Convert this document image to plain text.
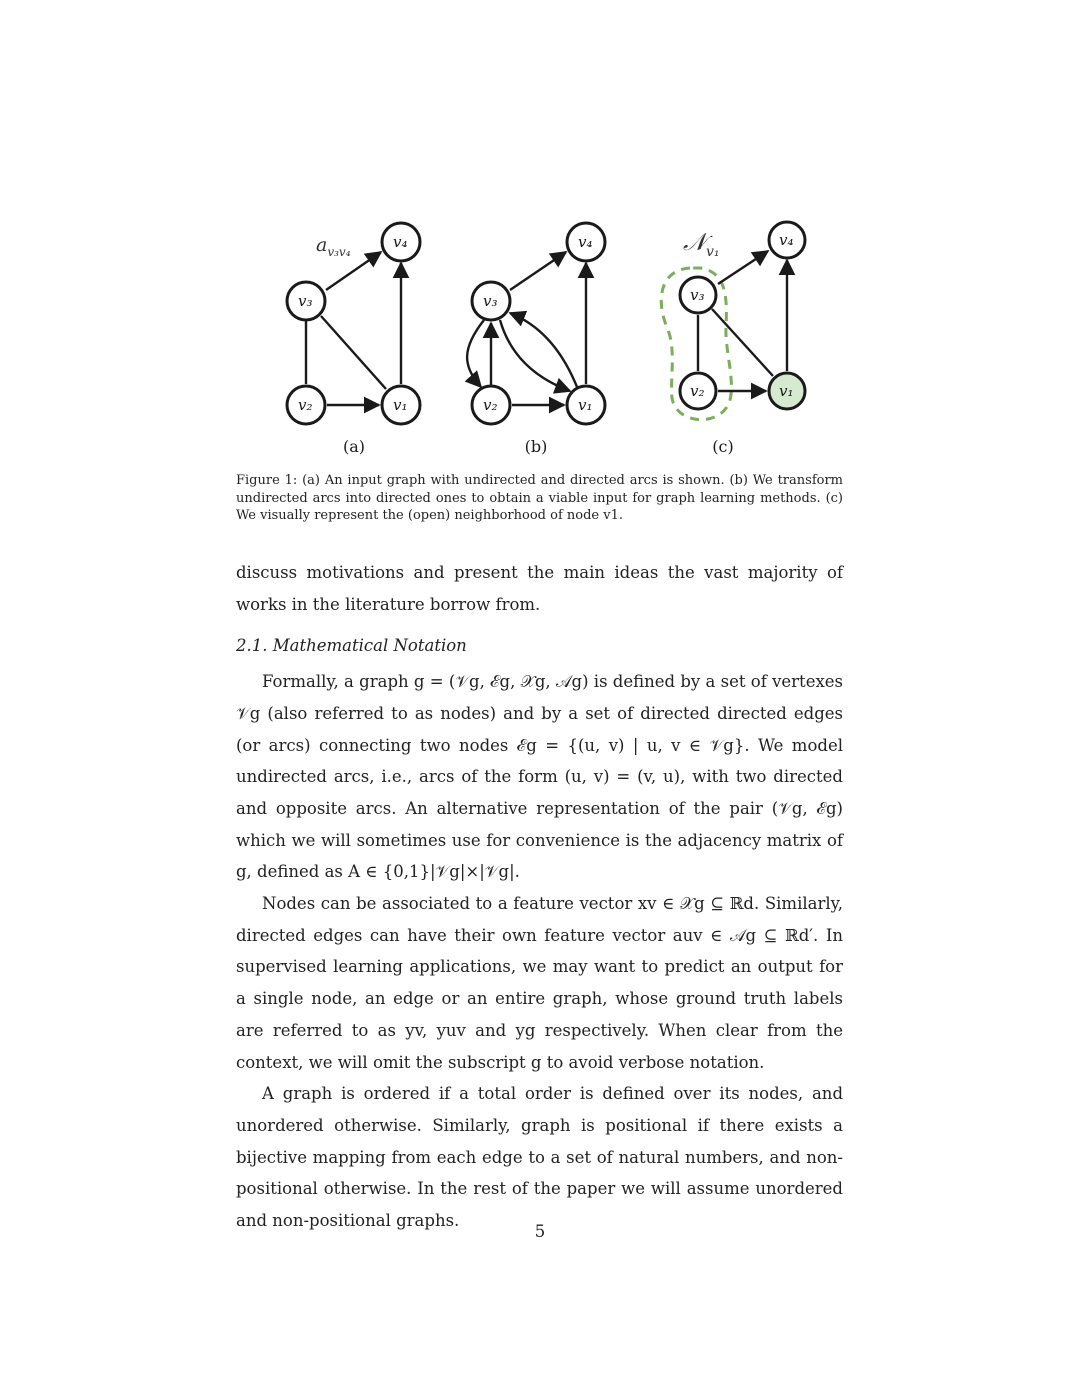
$a_{v_3v_4}$
v₄
v₃
v₂	v₁
(a)
v₄
v₃
v₂	v₁
(b)
𝒩$_{v_1}$
v₄
v₃
v₂	v₁
(c)
Figure 1: (a) An input graph with undirected and directed arcs is shown. (b) We transform undirected arcs into directed ones to obtain a viable input for graph learning methods. (c) We visually represent the (open) neighborhood of node v1.

discuss motivations and present the main ideas the vast majority of works in the literature borrow from.

2.1. Mathematical Notation

Formally, a graph g = (𝒱g, ℰg, 𝒳g, 𝒜g) is defined by a set of vertexes 𝒱g (also referred to as nodes) and by a set of directed directed edges (or arcs) connecting two nodes ℰg = {(u, v) | u, v ∈ 𝒱g}. We model undirected arcs, i.e., arcs of the form (u, v) = (v, u), with two directed and opposite arcs. An alternative representation of the pair (𝒱g, ℰg) which we will sometimes use for convenience is the adjacency matrix of g, defined as A ∈ {0,1}|𝒱g|×|𝒱g|.

Nodes can be associated to a feature vector xv ∈ 𝒳g ⊆ ℝd. Similarly, directed edges can have their own feature vector auv ∈ 𝒜g ⊆ ℝd′. In supervised learning applications, we may want to predict an output for a single node, an edge or an entire graph, whose ground truth labels are referred to as yv, yuv and yg respectively. When clear from the context, we will omit the subscript g to avoid verbose notation.

A graph is ordered if a total order is defined over its nodes, and unordered otherwise. Similarly, graph is positional if there exists a bijective mapping from each edge to a set of natural numbers, and non-positional otherwise. In the rest of the paper we will assume unordered and non-positional graphs.

5
